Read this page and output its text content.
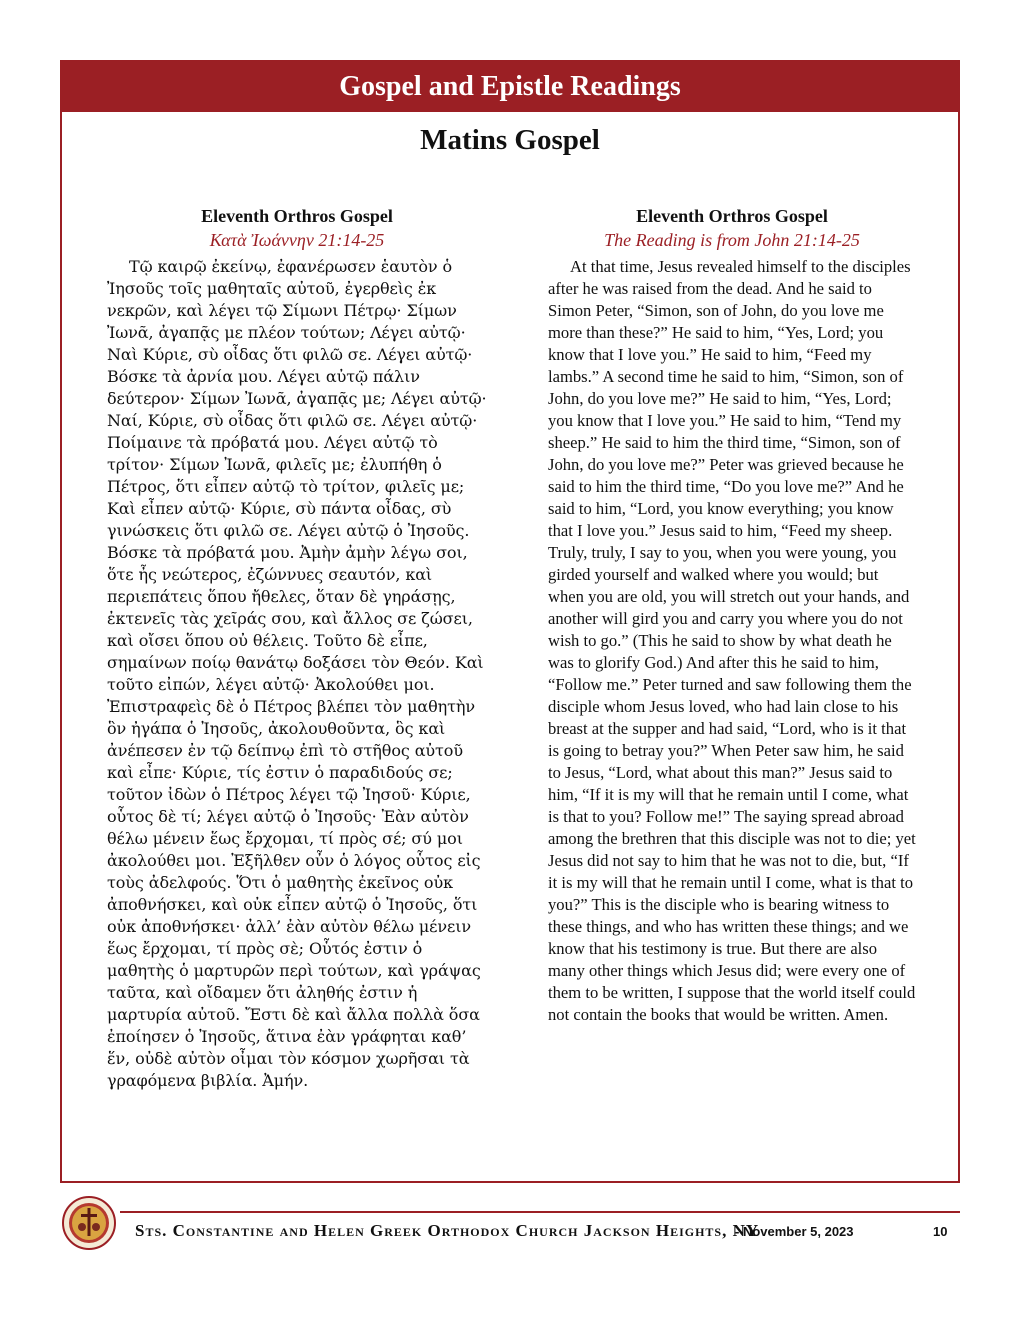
Gospel and Epistle Readings
Matins Gospel
Eleventh Orthros Gospel
Κατὰ Ἰωάννην 21:14-25

Τῷ καιρῷ ἐκείνῳ, ἐφανέρωσεν ἑαυτὸν ὁ Ἰησοῦς τοῖς μαθηταῖς αὐτοῦ, ἐγερθεὶς ἐκ νεκρῶν, καὶ λέγει τῷ Σίμωνι Πέτρῳ· Σίμων Ἰωνᾶ, ἀγαπᾷς με πλέον τούτων; Λέγει αὐτῷ· Ναὶ Κύριε, σὺ οἶδας ὅτι φιλῶ σε. Λέγει αὐτῷ· Βόσκε τὰ ἀρνία μου. Λέγει αὐτῷ πάλιν δεύτερον· Σίμων Ἰωνᾶ, ἀγαπᾷς με; Λέγει αὐτῷ· Ναί, Κύριε, σὺ οἶδας ὅτι φιλῶ σε. Λέγει αὐτῷ· Ποίμαινε τὰ πρόβατά μου. Λέγει αὐτῷ τὸ τρίτον· Σίμων Ἰωνᾶ, φιλεῖς με; ἐλυπήθη ὁ Πέτρος, ὅτι εἶπεν αὐτῷ τὸ τρίτον, φιλεῖς με; Καὶ εἶπεν αὐτῷ· Κύριε, σὺ πάντα οἶδας, σὺ γινώσκεις ὅτι φιλῶ σε. Λέγει αὐτῷ ὁ Ἰησοῦς. Βόσκε τὰ πρόβατά μου. Ἀμὴν ἀμὴν λέγω σοι, ὅτε ἦς νεώτερος, ἐζώννυες σεαυτόν, καὶ περιεπάτεις ὅπου ἤθελες, ὅταν δὲ γηράσῃς, ἐκτενεῖς τὰς χεῖράς σου, καὶ ἄλλος σε ζώσει, καὶ οἴσει ὅπου οὐ θέλεις. Τοῦτο δὲ εἶπε, σημαίνων ποίῳ θανάτῳ δοξάσει τὸν Θεόν. Καὶ τοῦτο εἰπών, λέγει αὐτῷ· Ἀκολούθει μοι. Ἐπιστραφεὶς δὲ ὁ Πέτρος βλέπει τὸν μαθητὴν ὃν ἠγάπα ὁ Ἰησοῦς, ἀκολουθοῦντα, ὃς καὶ ἀνέπεσεν ἐν τῷ δείπνῳ ἐπὶ τὸ στῆθος αὐτοῦ καὶ εἶπε· Κύριε, τίς ἐστιν ὁ παραδιδούς σε; τοῦτον ἰδὼν ὁ Πέτρος λέγει τῷ Ἰησοῦ· Κύριε, οὗτος δὲ τί; λέγει αὐτῷ ὁ Ἰησοῦς· Ἐὰν αὐτὸν θέλω μένειν ἕως ἔρχομαι, τί πρὸς σέ; σύ μοι ἀκολούθει μοι. Ἐξῆλθεν οὖν ὁ λόγος οὗτος εἰς τοὺς ἀδελφούς. Ὅτι ὁ μαθητὴς ἐκεῖνος οὐκ ἀποθνήσκει, καὶ οὐκ εἶπεν αὐτῷ ὁ Ἰησοῦς, ὅτι οὐκ ἀποθνήσκει· ἀλλ’ ἐὰν αὐτὸν θέλω μένειν ἕως ἔρχομαι, τί πρὸς σὲ; Οὗτός ἐστιν ὁ μαθητὴς ὁ μαρτυρῶν περὶ τούτων, καὶ γράψας ταῦτα, καὶ οἴδαμεν ὅτι ἀληθής ἐστιν ἡ μαρτυρία αὐτοῦ. Ἔστι δὲ καὶ ἄλλα πολλὰ ὅσα ἐποίησεν ὁ Ἰησοῦς, ἅτινα ἐὰν γράφηται καθ’ ἕν, οὐδὲ αὐτὸν οἶμαι τὸν κόσμον χωρῆσαι τὰ γραφόμενα βιβλία. Ἀμήν.

Eleventh Orthros Gospel
The Reading is from John 21:14-25

At that time, Jesus revealed himself to the disciples after he was raised from the dead. And he said to Simon Peter, “Simon, son of John, do you love me more than these?” He said to him, “Yes, Lord; you know that I love you.” He said to him, “Feed my lambs.” A second time he said to him, “Simon, son of John, do you love me?” He said to him, “Yes, Lord; you know that I love you.” He said to him, “Tend my sheep.” He said to him the third time, “Simon, son of John, do you love me?” Peter was grieved because he said to him the third time, “Do you love me?” And he said to him, “Lord, you know everything; you know that I love you.” Jesus said to him, “Feed my sheep. Truly, truly, I say to you, when you were young, you girded yourself and walked where you would; but when you are old, you will stretch out your hands, and another will gird you and carry you where you do not wish to go.” (This he said to show by what death he was to glorify God.) And after this he said to him, “Follow me.” Peter turned and saw following them the disciple whom Jesus loved, who had lain close to his breast at the supper and had said, “Lord, who is it that is going to betray you?” When Peter saw him, he said to Jesus, “Lord, what about this man?” Jesus said to him, “If it is my will that he remain until I come, what is that to you? Follow me!” The saying spread abroad among the brethren that this disciple was not to die; yet Jesus did not say to him that he was not to die, but, “If it is my will that he remain until I come, what is that to you?” This is the disciple who is bearing witness to these things, and who has written these things; and we know that his testimony is true. But there are also many other things which Jesus did; were every one of them to be written, I suppose that the world itself could not contain the books that would be written. Amen.

Sts. Constantine and Helen Greek Orthodox Church Jackson Heights, NY
- November 5, 2023	10
